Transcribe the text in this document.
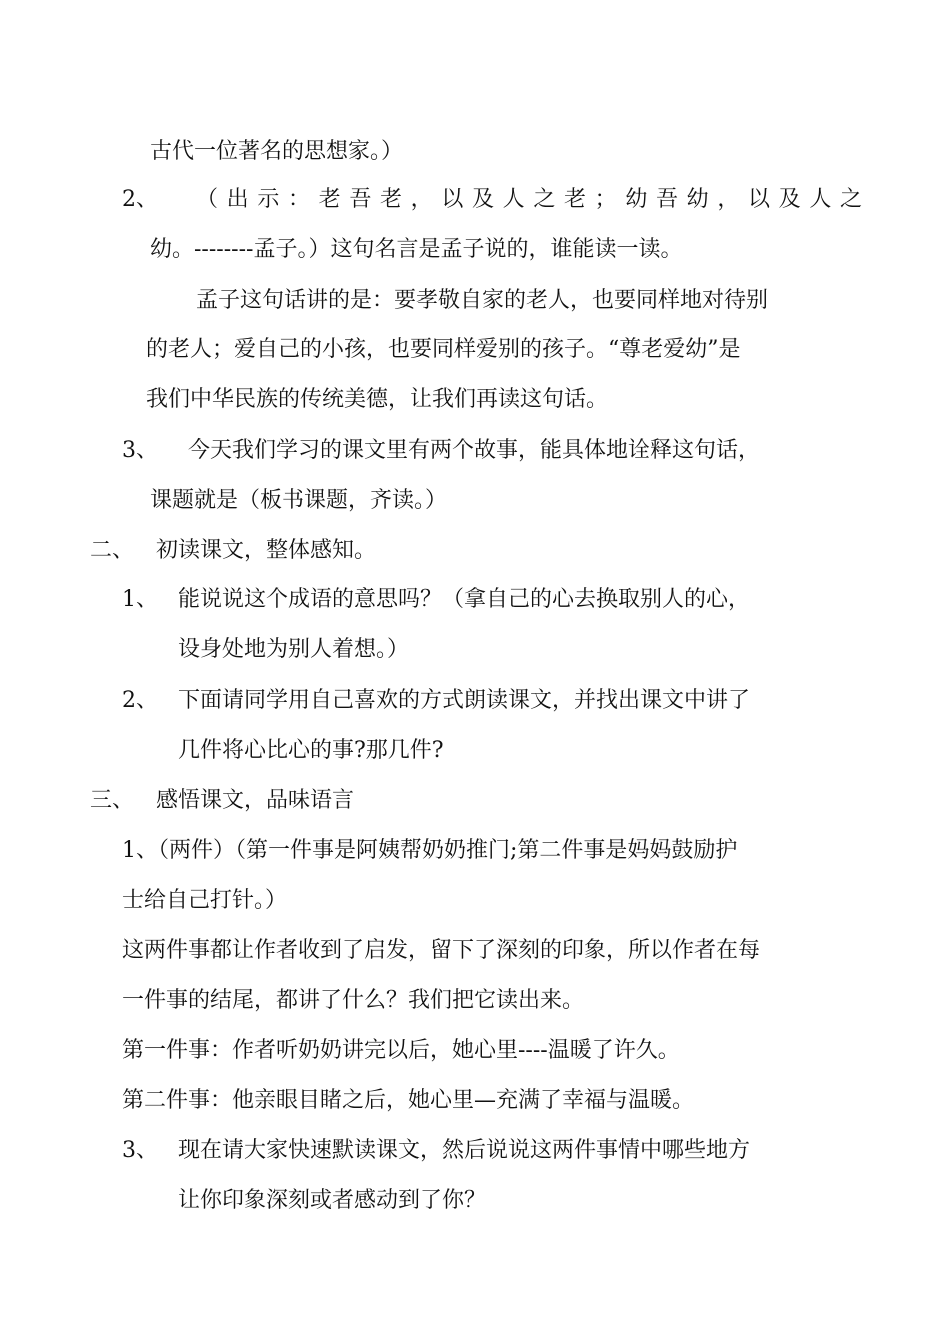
古代一位著名的思想家。）
2、 （出示：老吾老，以及人之老；幼吾幼，以及人之
幼。--------孟子。）这句名言是孟子说的，谁能读一读。
孟子这句话讲的是：要孝敬自家的老人，也要同样地对待别
的老人；爱自己的小孩，也要同样爱别的孩子。“尊老爱幼”是
我们中华民族的传统美德，让我们再读这句话。
3、 今天我们学习的课文里有两个故事，能具体地诠释这句话，
课题就是（板书课题，齐读。）
二、 初读课文，整体感知。
1、 能说说这个成语的意思吗？（拿自己的心去换取别人的心，
设身处地为别人着想。）
2、 下面请同学用自己喜欢的方式朗读课文，并找出课文中讲了
几件将心比心的事?那几件?
三、 感悟课文，品味语言
1、（两件）（第一件事是阿姨帮奶奶推门;第二件事是妈妈鼓励护
士给自己打针。）
这两件事都让作者收到了启发，留下了深刻的印象，所以作者在每
一件事的结尾，都讲了什么？我们把它读出来。
第一件事：作者听奶奶讲完以后，她心里----温暖了许久。
第二件事：他亲眼目睹之后，她心里—充满了幸福与温暖。
3、 现在请大家快速默读课文，然后说说这两件事情中哪些地方
让你印象深刻或者感动到了你？
